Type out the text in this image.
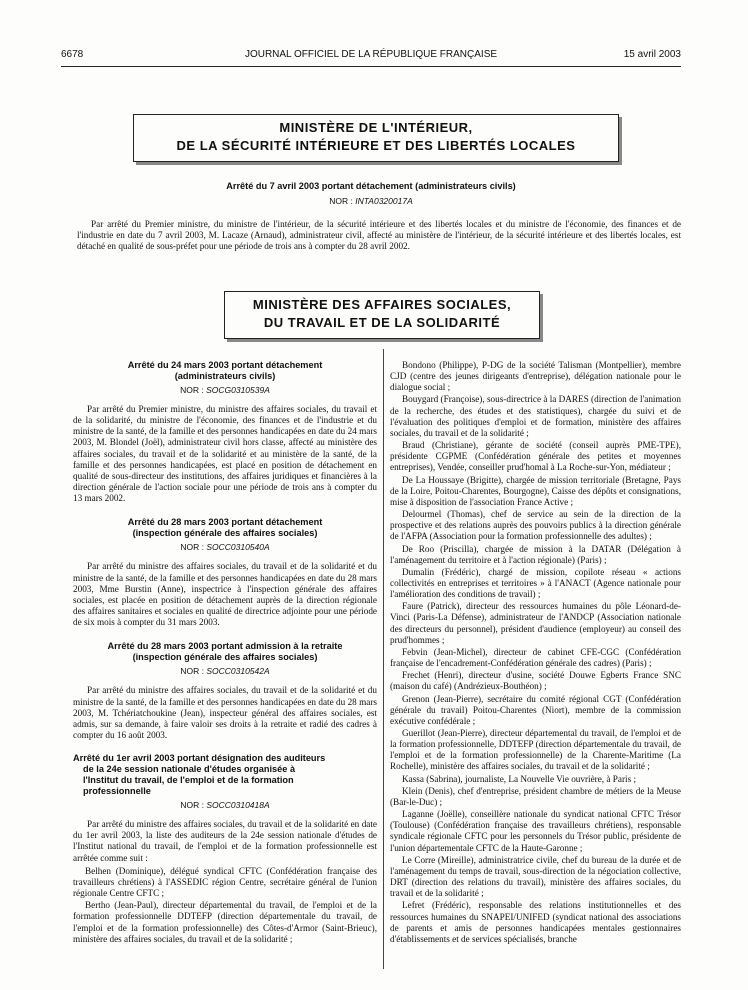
6678	JOURNAL OFFICIEL DE LA RÉPUBLIQUE FRANÇAISE	15 avril 2003
MINISTÈRE DE L'INTÉRIEUR,
DE LA SÉCURITÉ INTÉRIEURE ET DES LIBERTÉS LOCALES
Arrêté du 7 avril 2003 portant détachement (administrateurs civils)
NOR : INTA0320017A

Par arrêté du Premier ministre, du ministre de l'intérieur, de la sécurité intérieure et des libertés locales et du ministre de l'économie, des finances et de l'industrie en date du 7 avril 2003, M. Lacaze (Arnaud), administrateur civil, affecté au ministère de l'intérieur, de la sécurité intérieure et des libertés locales, est détaché en qualité de sous-préfet pour une période de trois ans à compter du 28 avril 2002.

MINISTÈRE DES AFFAIRES SOCIALES,
DU TRAVAIL ET DE LA SOLIDARITÉ
Arrêté du 24 mars 2003 portant détachement
(administrateurs civils)
NOR : SOCG0310539A

Par arrêté du Premier ministre, du ministre des affaires sociales, du travail et de la solidarité, du ministre de l'économie, des finances et de l'industrie et du ministre de la santé, de la famille et des personnes handicapées en date du 24 mars 2003, M. Blondel (Joël), administrateur civil hors classe, affecté au ministère des affaires sociales, du travail et de la solidarité et au ministère de la santé, de la famille et des personnes handicapées, est placé en position de détachement en qualité de sous-directeur des institutions, des affaires juridiques et financières à la direction générale de l'action sociale pour une période de trois ans à compter du 13 mars 2002.

Arrêté du 28 mars 2003 portant détachement
(inspection générale des affaires sociales)
NOR : SOCC0310540A

Par arrêté du ministre des affaires sociales, du travail et de la solidarité et du ministre de la santé, de la famille et des personnes handicapées en date du 28 mars 2003, Mme Burstin (Anne), inspectrice à l'inspection générale des affaires sociales, est placée en position de détachement auprès de la direction régionale des affaires sanitaires et sociales en qualité de directrice adjointe pour une période de six mois à compter du 31 mars 2003.

Arrêté du 28 mars 2003 portant admission à la retraite
(inspection générale des affaires sociales)
NOR : SOCC0310542A

Par arrêté du ministre des affaires sociales, du travail et de la solidarité et du ministre de la santé, de la famille et des personnes handicapées en date du 28 mars 2003, M. Tchériatchoukine (Jean), inspecteur général des affaires sociales, est admis, sur sa demande, à faire valoir ses droits à la retraite et radié des cadres à compter du 16 août 2003.

Arrêté du 1er avril 2003 portant désignation des auditeurs
de la 24e session nationale d'études organisée à
l'Institut du travail, de l'emploi et de la formation
professionnelle
NOR : SOCC0310418A

Par arrêté du ministre des affaires sociales, du travail et de la solidarité en date du 1er avril 2003, la liste des auditeurs de la 24e session nationale d'études de l'Institut national du travail, de l'emploi et de la formation professionnelle est arrêtée comme suit :

Belhen (Dominique), délégué syndical CFTC (Confédération française des travailleurs chrétiens) à l'ASSEDIC région Centre, secrétaire général de l'union régionale Centre CFTC ;

Bertho (Jean-Paul), directeur départemental du travail, de l'emploi et de la formation professionnelle DDTEFP (direction départementale du travail, de l'emploi et de la formation professionnelle) des Côtes-d'Armor (Saint-Brieuc), ministère des affaires sociales, du travail et de la solidarité ;

Bondono (Philippe), P-DG de la société Talisman (Montpellier), membre CJD (centre des jeunes dirigeants d'entreprise), délégation nationale pour le dialogue social ;

Bouygard (Françoise), sous-directrice à la DARES (direction de l'animation de la recherche, des études et des statistiques), chargée du suivi et de l'évaluation des politiques d'emploi et de formation, ministère des affaires sociales, du travail et de la solidarité ;

Braud (Christiane), gérante de société (conseil auprès PME-TPE), présidente CGPME (Confédération générale des petites et moyennes entreprises), Vendée, conseiller prud'homal à La Roche-sur-Yon, médiateur ;

De La Houssaye (Brigitte), chargée de mission territoriale (Bretagne, Pays de la Loire, Poitou-Charentes, Bourgogne), Caisse des dépôts et consignations, mise à disposition de l'association France Active ;

Delourmel (Thomas), chef de service au sein de la direction de la prospective et des relations auprès des pouvoirs publics à la direction générale de l'AFPA (Association pour la formation professionnelle des adultes) ;

De Roo (Priscilla), chargée de mission à la DATAR (Délégation à l'aménagement du territoire et à l'action régionale) (Paris) ;

Dumalin (Frédéric), chargé de mission, copilote réseau « actions collectivités en entreprises et territoires » à l'ANACT (Agence nationale pour l'amélioration des conditions de travail) ;

Faure (Patrick), directeur des ressources humaines du pôle Léonard-de-Vinci (Paris-La Défense), administrateur de l'ANDCP (Association nationale des directeurs du personnel), président d'audience (employeur) au conseil des prud'hommes ;

Febvin (Jean-Michel), directeur de cabinet CFE-CGC (Confédération française de l'encadrement-Confédération générale des cadres) (Paris) ;

Frechet (Henri), directeur d'usine, société Douwe Egberts France SNC (maison du café) (Andrézieux-Bouthéon) ;

Grenon (Jean-Pierre), secrétaire du comité régional CGT (Confédération générale du travail) Poitou-Charentes (Niort), membre de la commission exécutive confédérale ;

Guerillot (Jean-Pierre), directeur départemental du travail, de l'emploi et de la formation professionnelle, DDTEFP (direction départementale du travail, de l'emploi et de la formation professionnelle) de la Charente-Maritime (La Rochelle), ministère des affaires sociales, du travail et de la solidarité ;

Kassa (Sabrina), journaliste, La Nouvelle Vie ouvrière, à Paris ;

Klein (Denis), chef d'entreprise, président chambre de métiers de la Meuse (Bar-le-Duc) ;

Laganne (Joëlle), conseillère nationale du syndicat national CFTC Trésor (Toulouse) (Confédération française des travailleurs chrétiens), responsable syndicale régionale CFTC pour les personnels du Trésor public, présidente de l'union départementale CFTC de la Haute-Garonne ;

Le Corre (Mireille), administratrice civile, chef du bureau de la durée et de l'aménagement du temps de travail, sous-direction de la négociation collective, DRT (direction des relations du travail), ministère des affaires sociales, du travail et de la solidarité ;

Lefret (Frédéric), responsable des relations institutionnelles et des ressources humaines du SNAPEI/UNIFED (syndicat national des associations de parents et amis de personnes handicapées mentales gestionnaires d'établissements et de services spécialisés, branche
